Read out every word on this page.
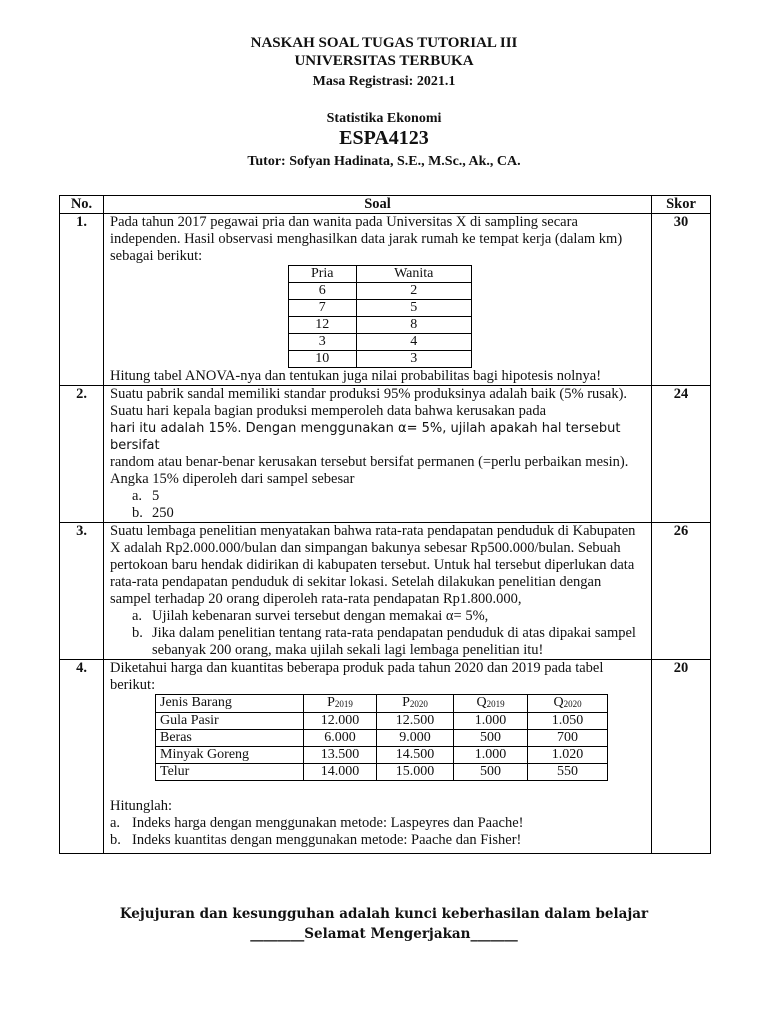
NASKAH SOAL TUGAS TUTORIAL III
UNIVERSITAS TERBUKA
Masa Registrasi: 2021.1
Statistika Ekonomi
ESPA4123
Tutor: Sofyan Hadinata, S.E., M.Sc., Ak., CA.
No.	Soal	Skor
1.	Pada tahun 2017 pegawai pria dan wanita pada Universitas X di sampling secara independen. Hasil observasi menghasilkan data jarak rumah ke tempat kerja (dalam km) sebagai berikut:
Pria	Wanita
6	2
7	5
12	8
3	4
10	3
Hitung tabel ANOVA-nya dan tentukan juga nilai probabilitas bagi hipotesis nolnya!
	30
2.	Suatu pabrik sandal memiliki standar produksi 95% produksinya adalah baik (5% rusak). Suatu hari kepala bagian produksi memperoleh data bahwa kerusakan pada
hari itu adalah 15%. Dengan menggunakan α= 5%, ujilah apakah hal tersebut bersifat
random atau benar-benar kerusakan tersebut bersifat permanen (=perlu perbaikan mesin). Angka 15% diperoleh dari sampel sebesar
a. 5
b. 250
	24
3.	Suatu lembaga penelitian menyatakan bahwa rata-rata pendapatan penduduk di Kabupaten X adalah Rp2.000.000/bulan dan simpangan bakunya sebesar Rp500.000/bulan. Sebuah pertokoan baru hendak didirikan di kabupaten tersebut. Untuk hal tersebut diperlukan data rata-rata pendapatan penduduk di sekitar lokasi. Setelah dilakukan penelitian dengan sampel terhadap 20 orang diperoleh rata-rata pendapatan Rp1.800.000,
a. Ujilah kebenaran survei tersebut dengan memakai α= 5%,
b. Jika dalam penelitian tentang rata-rata pendapatan penduduk di atas dipakai sampel sebanyak 200 orang, maka ujilah sekali lagi lembaga penelitian itu!
	26
4.	Diketahui harga dan kuantitas beberapa produk pada tahun 2020 dan 2019 pada tabel berikut:
Jenis Barang	$P_{2019}$	$P_{2020}$	$Q_{2019}$	$Q_{2020}$
Gula Pasir	12.000	12.500	1.000	1.050
Beras	6.000	9.000	500	700
Minyak Goreng	13.500	14.500	1.000	1.020
Telur	14.000	15.000	500	550
Hitunglah:
a. Indeks harga dengan menggunakan metode: Laspeyres dan Paache!
b. Indeks kuantitas dengan menggunakan metode: Paache dan Fisher!
	20
Kejujuran dan kesungguhan adalah kunci keberhasilan dalam belajar
________Selamat Mengerjakan_______
